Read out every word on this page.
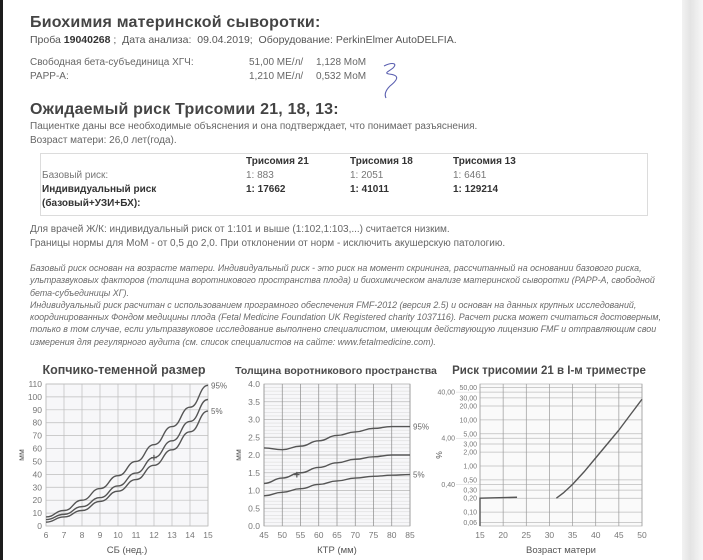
Биохимия материнской сыворотки:
Проба 19040268 ; Дата анализа: 09.04.2019; Оборудование: PerkinElmer AutoDELFIA.
Свободная бета-субъединица ХГЧ:	51,00 МЕ/л/ 1,128 МоМ
PAPP-A:	1,210 МЕ/л/ 0,532 МоМ
Ожидаемый риск Трисомии 21, 18, 13:
Пациентке даны все необходимые объяснения и она подтверждает, что понимает разъяснения.
Возраст матери: 26,0 лет(года).
Трисомия 21	Трисомия 18	Трисомия 13
Базовый риск:	1: 883	1: 2051	1: 6461
Индивидуальный риск
(базовый+УЗИ+БХ):
1: 17662	1: 41011	1: 129214
Для врачей Ж/К: индивидуальный риск от 1:101 и выше (1:102,1:103,...) считается низким.
Границы нормы для МоМ - от 0,5 до 2,0. При отклонении от норм - исключить акушерскую патологию.

Базовый риск основан на возрасте матери. Индивидуальный риск - это риск на момент скрининга, рассчитанный на основании базового риска, ультразвуковых факторов (толщина воротникового пространства плода) и биохимическом анализе материнской сыворотки (PAPP-A, свободной бета-субъединицы ХГ).

Индивидуальный риск расчитан с использованием програмного обеспечения FMF-2012 (версия 2.5) и основан на данных крупных исследований, координированных Фондом медицины плода (Fetal Medicine Foundation UK Registered charity 1037116). Расчет риска может считаться достоверным, только в том случае, если ультразвуковое исследование выполнено специалистом, имеющим действующую лицензию FMF и отправляющим свои измерения для регулярного аудита (см. список специалистов на сайте: www.fetalmedicine.com).

Копчико-теменной размер
0
10
20
30
40
50
60
70
80
90
100
110
6 7 8 9 10 11 12 13 14 15
СБ (нед.)
мм
95%
5%
+
Толщина воротникового пространства
0.0
0.5
1.0
1.5
2.0
2.5
3.0
3.5
4.0
45 50 55 60 65 70 75 80 85
КТР (мм)
мм
95%
5%
+
Риск трисомии 21 в I-м триместре
50,00
40,00
30,00
20,00
10,00
5,00
4,00
3,00
2,00
1,00
0,50
0,40
0,30
0,20
0,10
0,06
15 20 25 30 35 40 45 50
Возраст матери
%
